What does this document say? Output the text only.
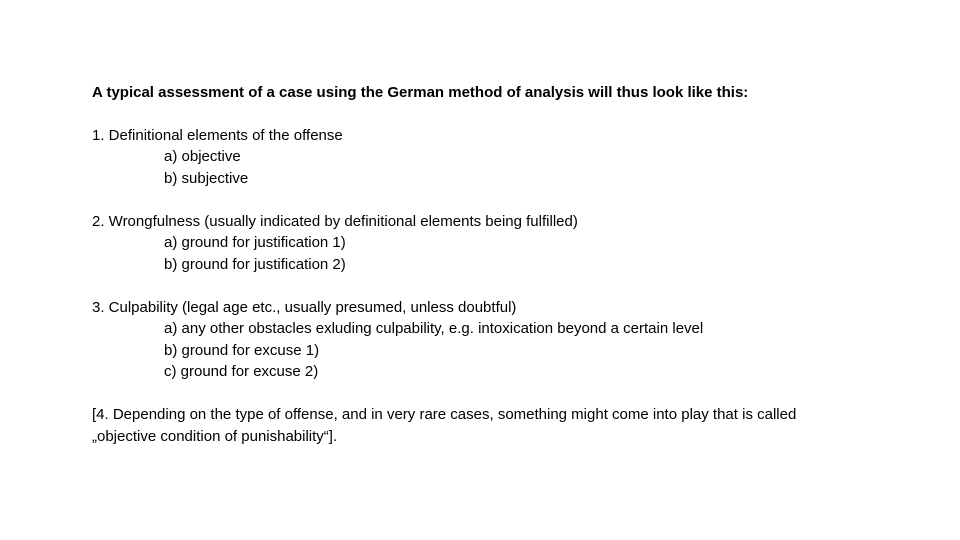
A typical assessment of a case using the German method of analysis will thus look like this:
1. Definitional elements of the offense
a) objective
b) subjective
2. Wrongfulness (usually indicated by definitional elements being fulfilled)
a) ground for justification 1)
b) ground for justification 2)
3. Culpability (legal age etc., usually presumed, unless doubtful)
a) any other obstacles exluding culpability, e.g. intoxication beyond a certain level
b) ground for excuse 1)
c) ground for excuse 2)
[4. Depending on the type of offense, and in very rare cases, something might come into play that is called
„objective condition of punishability“].
